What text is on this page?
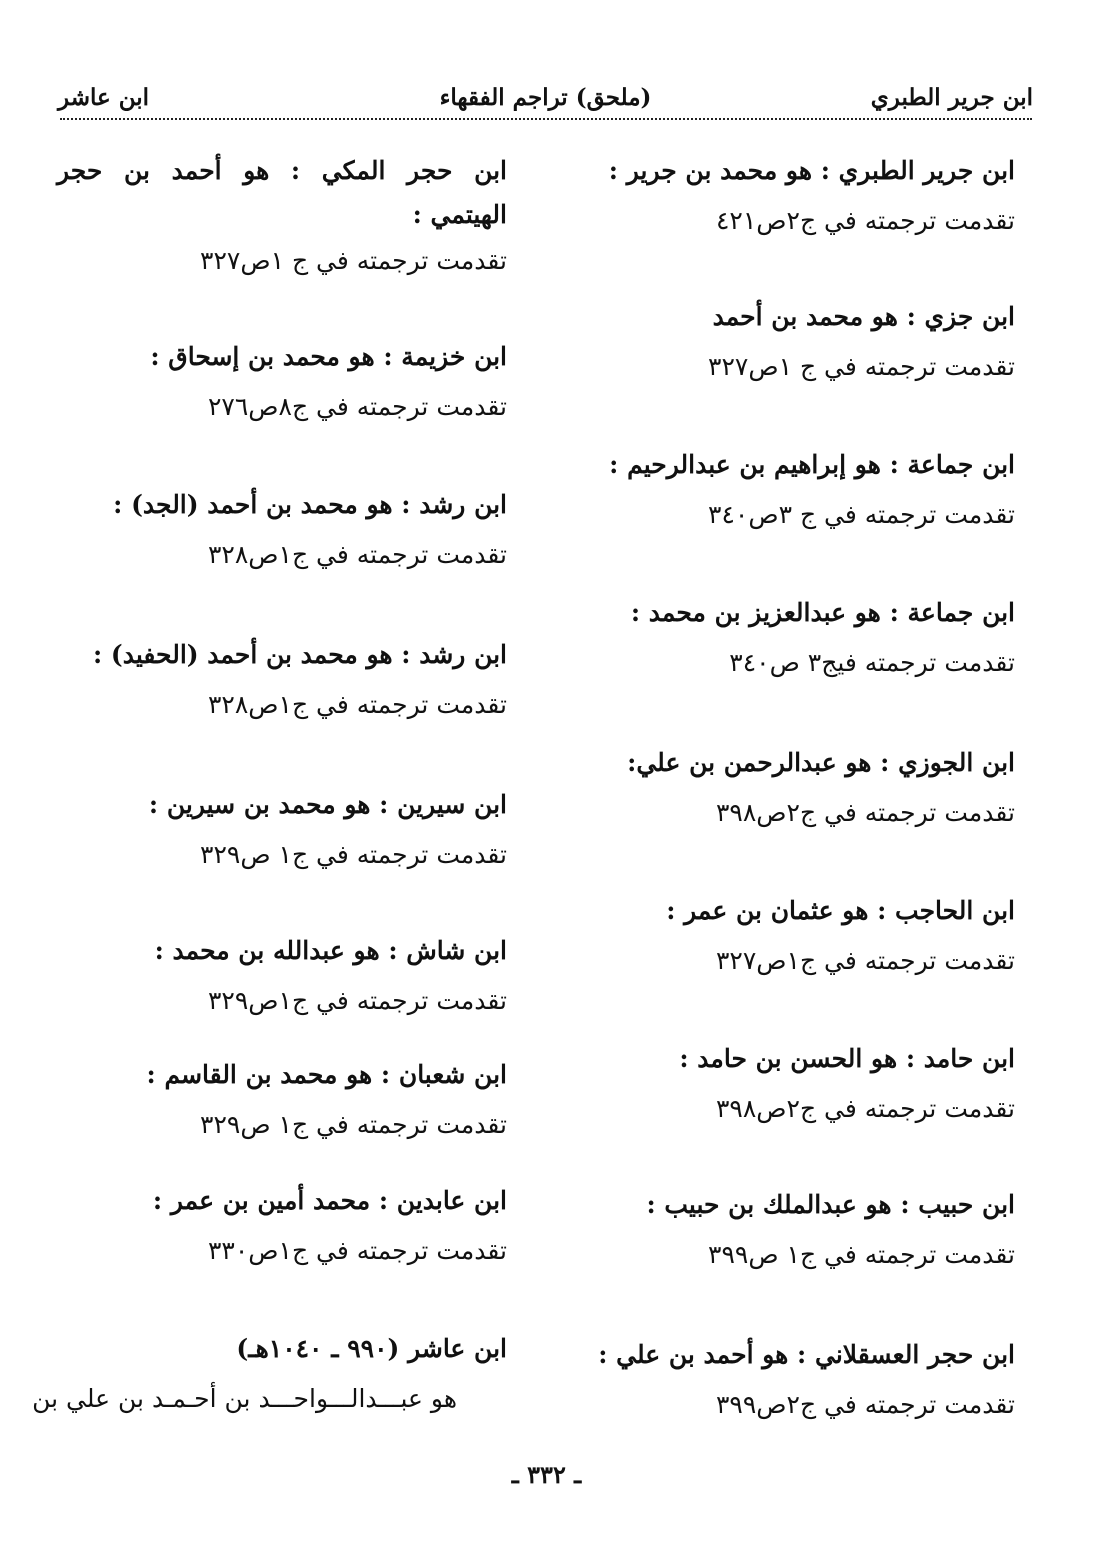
ابن جرير الطبري
(ملحق) تراجم الفقهاء
ابن عاشر
ابن جرير الطبري : هو محمد بن جرير :
تقدمت ترجمته في ج٢ص٤٢١
ابن جزي : هو محمد بن أحمد
تقدمت ترجمته في ج ١ص٣٢٧
ابن جماعة : هو إبراهيم بن عبدالرحيم :
تقدمت ترجمته في ج ٣ص٣٤٠
ابن جماعة : هو عبدالعزيز بن محمد :
تقدمت ترجمته فيج٣ ص٣٤٠
ابن الجوزي : هو عبدالرحمن بن علي:
تقدمت ترجمته في ج٢ص٣٩٨
ابن الحاجب : هو عثمان بن عمر :
تقدمت ترجمته في ج١ص٣٢٧
ابن حامد : هو الحسن بن حامد :
تقدمت ترجمته في ج٢ص٣٩٨
ابن حبيب : هو عبدالملك بن حبيب :
تقدمت ترجمته في ج١ ص٣٩٩
ابن حجر العسقلاني : هو أحمد بن علي :
تقدمت ترجمته في ج٢ص٣٩٩
ابن حجر المكي : هو أحمد بن حجر
الهيتمي :
تقدمت ترجمته في ج ١ص٣٢٧
ابن خزيمة : هو محمد بن إسحاق :
تقدمت ترجمته في ج٨ص٢٧٦
ابن رشد : هو محمد بن أحمد (الجد) :
تقدمت ترجمته في ج١ص٣٢٨
ابن رشد : هو محمد بن أحمد (الحفيد) :
تقدمت ترجمته في ج١ص٣٢٨
ابن سيرين : هو محمد بن سيرين :
تقدمت ترجمته في ج١ ص٣٢٩
ابن شاش : هو عبدالله بن محمد :
تقدمت ترجمته في ج١ص٣٢٩
ابن شعبان : هو محمد بن القاسم :
تقدمت ترجمته في ج١ ص٣٢٩
ابن عابدين : محمد أمين بن عمر :
تقدمت ترجمته في ج١ص٣٣٠
ابن عاشر (٩٩٠ ـ ١٠٤٠هـ)
هو عبـــدالـــواحـــد بن أحـمـد بن علي بن
ـ ٣٣٢ ـ
